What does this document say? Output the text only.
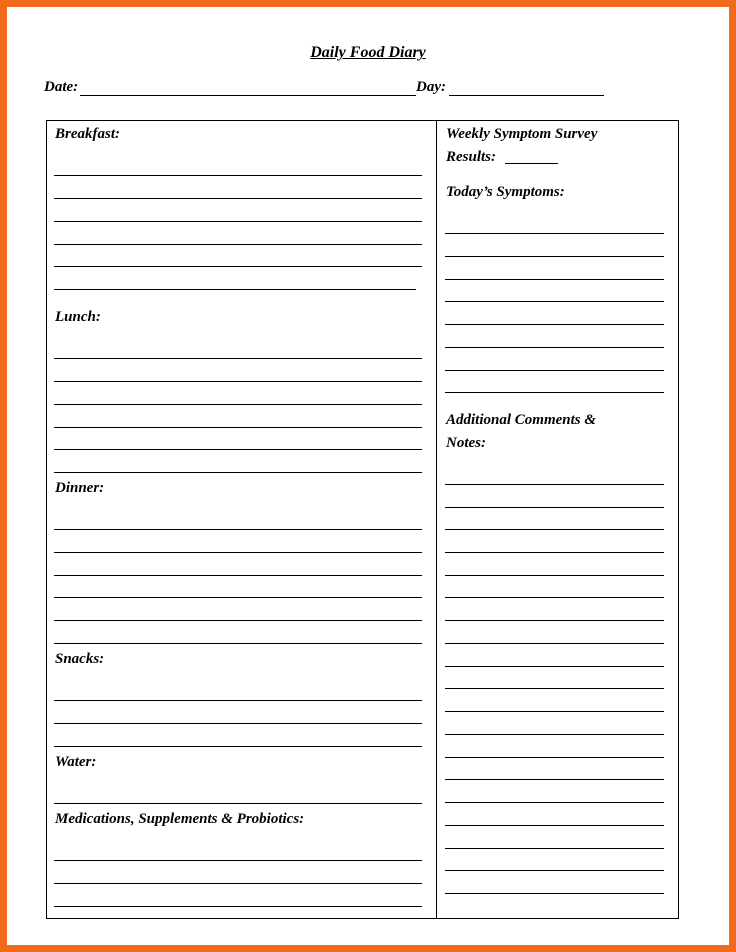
Daily Food Diary
Date:	Day:
Breakfast:
Lunch:
Dinner:
Snacks:
Water:
Medications, Supplements & Probiotics:
Weekly Symptom Survey
Results:
Today’s Symptoms:
Additional Comments &
Notes:
